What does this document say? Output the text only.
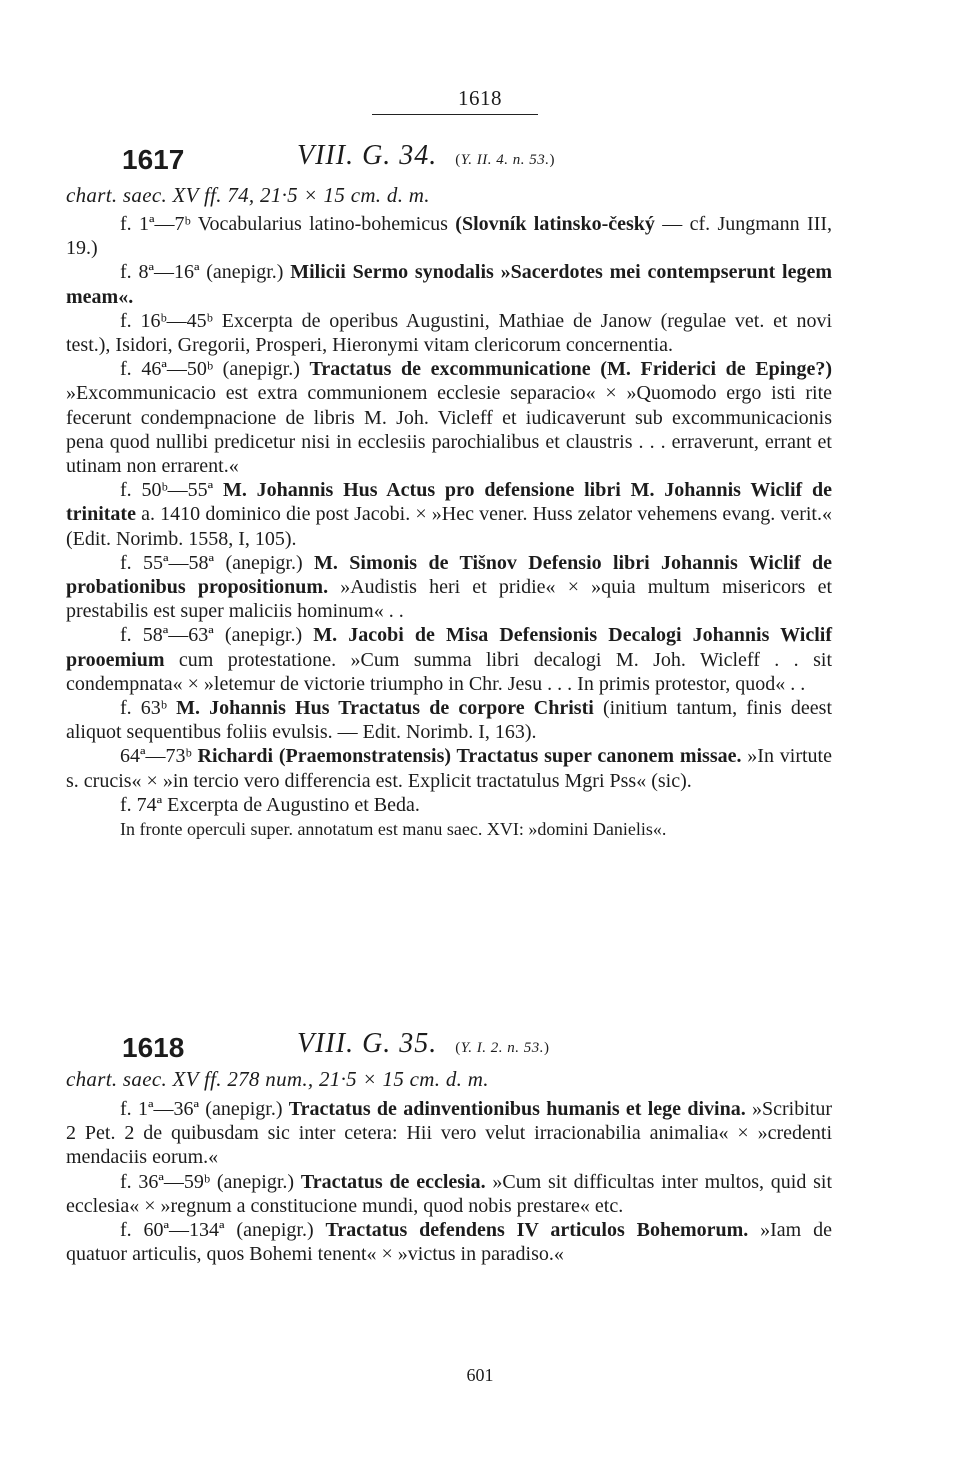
1618
1617	VIII. G. 34. (Y. II. 4. n. 53.)
chart. saec. XV ff. 74, 21·5 × 15 cm. d. m.

f. 1ª—7ᵇ Vocabularius latino-bohemicus (Slovník latinsko-český — cf. Jungmann III, 19.)

f. 8ª—16ª (anepigr.) Milicii Sermo synodalis »Sacerdotes mei contempserunt legem meam«.

f. 16ᵇ—45ᵇ Excerpta de operibus Augustini, Mathiae de Janow (regulae vet. et novi test.), Isidori, Gregorii, Prosperi, Hieronymi vitam clericorum concernentia.

f. 46ª—50ᵇ (anepigr.) Tractatus de excommunicatione (M. Friderici de Epinge?) »Excommunicacio est extra communionem ecclesie separacio« × »Quomodo ergo isti rite fecerunt condempnacione de libris M. Joh. Vicleff et iudicaverunt sub excommunicacionis pena quod nullibi predicetur nisi in ecclesiis parochialibus et claustris . . . erraverunt, errant et utinam non errarent.«

f. 50ᵇ—55ª M. Johannis Hus Actus pro defensione libri M. Johannis Wiclif de trinitate a. 1410 dominico die post Jacobi. × »Hec vener. Huss zelator vehemens evang. verit.« (Edit. Norimb. 1558, I, 105).

f. 55ª—58ª (anepigr.) M. Simonis de Tišnov Defensio libri Johannis Wiclif de probationibus propositionum. »Audistis heri et pridie« × »quia multum misericors et prestabilis est super maliciis hominum« . .

f. 58ª—63ª (anepigr.) M. Jacobi de Misa Defensionis Decalogi Johannis Wiclif prooemium cum protestatione. »Cum summa libri decalogi M. Joh. Wicleff . . sit condempnata« × »letemur de victorie triumpho in Chr. Jesu . . . In primis protestor, quod« . .

f. 63ᵇ M. Johannis Hus Tractatus de corpore Christi (initium tantum, finis deest aliquot sequentibus foliis evulsis. — Edit. Norimb. I, 163).

64ª—73ᵇ Richardi (Praemonstratensis) Tractatus super canonem missae. »In virtute s. crucis« × »in tercio vero differencia est. Explicit tractatulus Mgri Pss« (sic).

f. 74ª Excerpta de Augustino et Beda.

In fronte operculi super. annotatum est manu saec. XVI: »domini Danielis«.

1618	VIII. G. 35. (Y. I. 2. n. 53.)
chart. saec. XV ff. 278 num., 21·5 × 15 cm. d. m.

f. 1ª—36ª (anepigr.) Tractatus de adinventionibus humanis et lege divina. »Scribitur 2 Pet. 2 de quibusdam sic inter cetera: Hii vero velut irracionabilia animalia« × »credenti mendaciis eorum.«

f. 36ª—59ᵇ (anepigr.) Tractatus de ecclesia. »Cum sit difficultas inter multos, quid sit ecclesia« × »regnum a constitucione mundi, quod nobis prestare« etc.

f. 60ª—134ª (anepigr.) Tractatus defendens IV articulos Bohemorum. »Iam de quatuor articulis, quos Bohemi tenent« × »victus in paradiso.«

601
